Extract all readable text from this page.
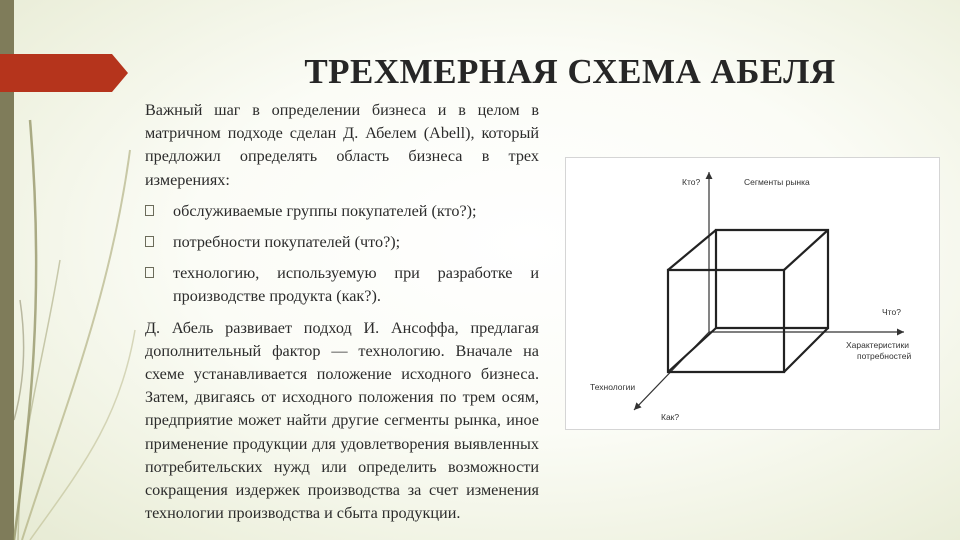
ТРЕХМЕРНАЯ СХЕМА АБЕЛЯ

Важный шаг в определении бизнеса и в целом в матричном подходе сделан Д. Абелем (Abell), который предложил определять область бизнеса в трех измерениях:

обслуживаемые группы покупателей (кто?);
потребности покупателей (что?);
технологию, используемую при разработке и производстве продукта (как?).

Д. Абель развивает подход И. Ансоффа, предлагая дополнительный фактор — технологию. Вначале на схеме устанавливается положение исходного бизнеса. Затем, двигаясь от исходного положения по трем осям, предприятие может найти другие сегменты рынка, иное применение продукции для удовлетворения выявленных потребительских нужд или определить возможности сокращения издержек производства за счет изменения технологии производства и сбыта продукции.

Кто?	Сегменты рынка
Что?
Характеристики
потребностей
Технологии
Как?
